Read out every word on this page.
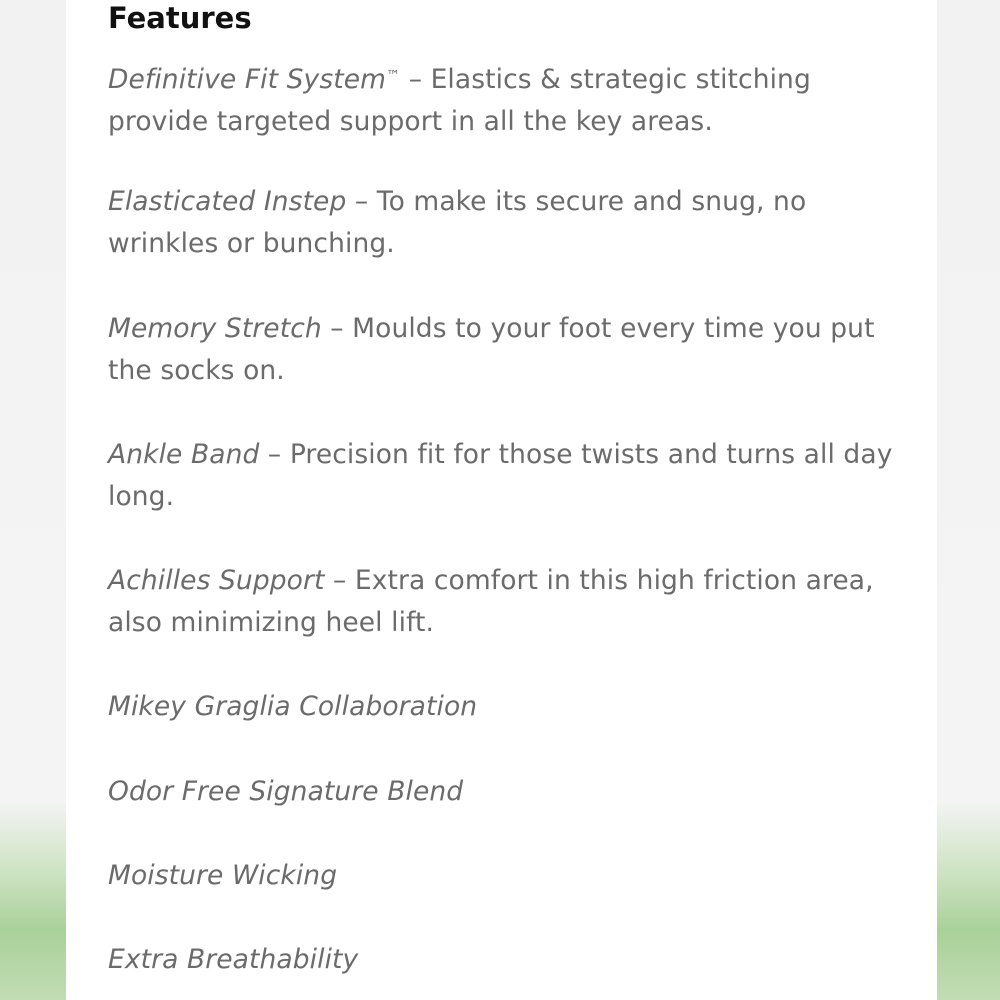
Features

Definitive Fit System™ – Elastics & strategic stitching provide targeted support in all the key areas.

Elasticated Instep – To make its secure and snug, no wrinkles or bunching.

Memory Stretch – Moulds to your foot every time you put the socks on.

Ankle Band – Precision fit for those twists and turns all day long.

Achilles Support – Extra comfort in this high friction area, also minimizing heel lift.

Mikey Graglia Collaboration

Odor Free Signature Blend

Moisture Wicking

Extra Breathability
